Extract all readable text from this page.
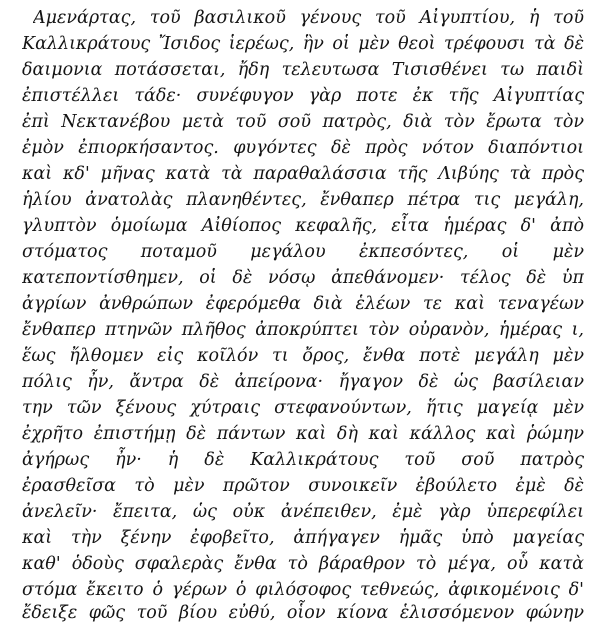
Αμενάρτας, τοῦ βασιλικοῦ γένους τοῦ Αἰγυπτίου, ἡ τοῦ
Καλλικράτους Ἴσιδος ἱερέως, ἣν οἱ μὲν θεοὶ τρέφουσι τὰ δὲ
δαιμονια ποτάσσεται, ἤδη τελευτωσα Τισισθένει τω παιδὶ
ἐπιστέλλει τάδε· συνέφυγον γὰρ ποτε ἐκ τῆς Αἰγυπτίας
ἐπὶ Νεκτανέβου μετὰ τοῦ σοῦ πατρὸς, διὰ τὸν ἔρωτα τὸν
ἐμὸν ἐπιορκήσαντος. φυγόντες δὲ πρὸς νότον διαπόντιοι
καὶ κδ' μῆνας κατὰ τὰ παραθαλάσσια τῆς Λιβύης τὰ πρὸς
ἡλίου ἀνατολὰς πλανηθέντες, ἔνθαπερ πέτρα τις μεγάλη,
γλυπτὸν ὁμοίωμα Αἰθίοπος κεφαλῆς, εἶτα ἡμέρας δ' ἀπὸ
στόματος ποταμοῦ μεγάλου ἐκπεσόντες, οἱ μὲν
κατεποντίσθημεν, οἱ δὲ νόσῳ ἀπεθάνομεν· τέλος δὲ ὑπ
ἀγρίων ἀνθρώπων ἐφερόμεθα διὰ ἑλέων τε καὶ τεναγέων
ἔνθαπερ πτηνῶν πλῆθος ἀποκρύπτει τὸν οὐρανὸν, ἡμέρας ι,
ἕως ἤλθομεν εἰς κοῖλόν τι ὄρος, ἔνθα ποτὲ μεγάλη μὲν
πόλις ἦν, ἄντρα δὲ ἀπείρονα· ἤγαγον δὲ ὡς βασίλειαν
την τῶν ξένους χύτραις στεφανούντων, ἥτις μαγείᾳ μὲν
ἐχρῆτο ἐπιστήμῃ δὲ πάντων καὶ δὴ καὶ κάλλος καὶ ῥώμην
ἀγήρως ἦν· ἡ δὲ Καλλικράτους τοῦ σοῦ πατρὸς
ἐρασθεῖσα τὸ μὲν πρῶτον συνοικεῖν ἐβούλετο ἐμὲ δὲ
ἀνελεῖν· ἔπειτα, ὡς οὐκ ἀνέπειθεν, ἐμὲ γὰρ ὑπερεφίλει
καὶ τὴν ξένην ἐφοβεῖτο, ἀπήγαγεν ἡμᾶς ὑπὸ μαγείας
καθ' ὁδοὺς σφαλερὰς ἔνθα τὸ βάραθρον τὸ μέγα, οὗ κατὰ
στόμα ἔκειτο ὁ γέρων ὁ φιλόσοφος τεθνεώς, ἀφικομένοις δ'
ἔδειξε φῶς τοῦ βίου εὐθύ, οἷον κίονα ἑλισσόμενον φώνην
